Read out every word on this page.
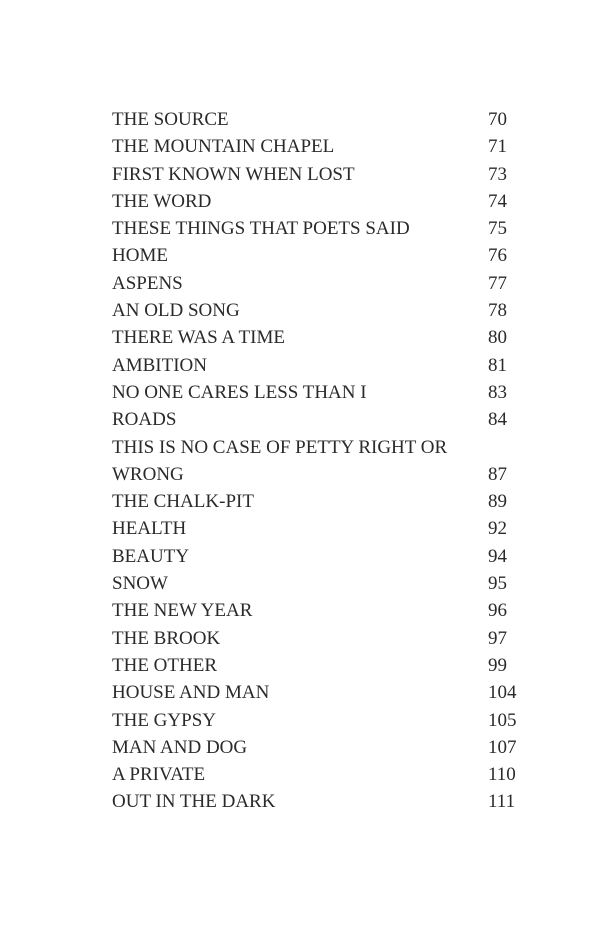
THE SOURCE	70
THE MOUNTAIN CHAPEL	71
FIRST KNOWN WHEN LOST	73
THE WORD	74
THESE THINGS THAT POETS SAID	75
HOME	76
ASPENS	77
AN OLD SONG	78
THERE WAS A TIME	80
AMBITION	81
NO ONE CARES LESS THAN I	83
ROADS	84
THIS IS NO CASE OF PETTY RIGHT OR WRONG	87
THE CHALK-PIT	89
HEALTH	92
BEAUTY	94
SNOW	95
THE NEW YEAR	96
THE BROOK	97
THE OTHER	99
HOUSE AND MAN	104
THE GYPSY	105
MAN AND DOG	107
A PRIVATE	110
OUT IN THE DARK	111
